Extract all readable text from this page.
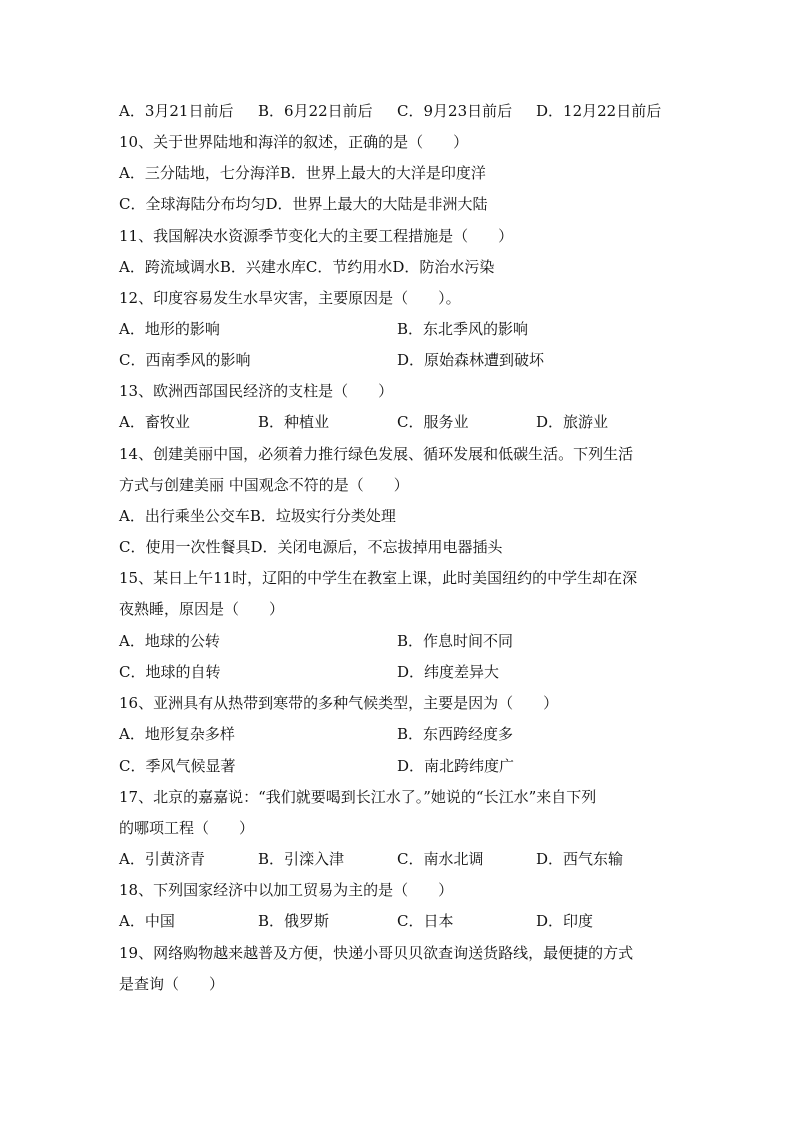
A．3月21日前后 B．6月22日前后 C．9月23日前后 D．12月22日前后
10、关于世界陆地和海洋的叙述，正确的是（　　）
A．三分陆地，七分海洋B．世界上最大的大洋是印度洋
C．全球海陆分布均匀D．世界上最大的大陆是非洲大陆
11、我国解决水资源季节变化大的主要工程措施是（　　）
A．跨流域调水B．兴建水库C．节约用水D．防治水污染
12、印度容易发生水旱灾害，主要原因是（　　）。
A．地形的影响	B．东北季风的影响
C．西南季风的影响	D．原始森林遭到破坏
13、欧洲西部国民经济的支柱是（　　）
A．畜牧业	B．种植业	C．服务业	D．旅游业
14、创建美丽中国，必须着力推行绿色发展、循环发展和低碳生活。下列生活
方式与创建美丽 中国观念不符的是（　　）
A．出行乘坐公交车B．垃圾实行分类处理
C．使用一次性餐具D．关闭电源后，不忘拔掉用电器插头
15、某日上午11时，辽阳的中学生在教室上课，此时美国纽约的中学生却在深
夜熟睡，原因是（　　）
A．地球的公转	B．作息时间不同
C．地球的自转	D．纬度差异大
16、亚洲具有从热带到寒带的多种气候类型，主要是因为（　　）
A．地形复杂多样	B．东西跨经度多
C．季风气候显著	D．南北跨纬度广
17、北京的嘉嘉说：“我们就要喝到长江水了。”她说的“长江水”来自下列
的哪项工程（　　）
A．引黄济青	B．引滦入津	C．南水北调	D．西气东输
18、下列国家经济中以加工贸易为主的是（　　）
A．中国	B．俄罗斯	C．日本	D．印度
19、网络购物越来越普及方便，快递小哥贝贝欲查询送货路线，最便捷的方式
是查询（　　）
